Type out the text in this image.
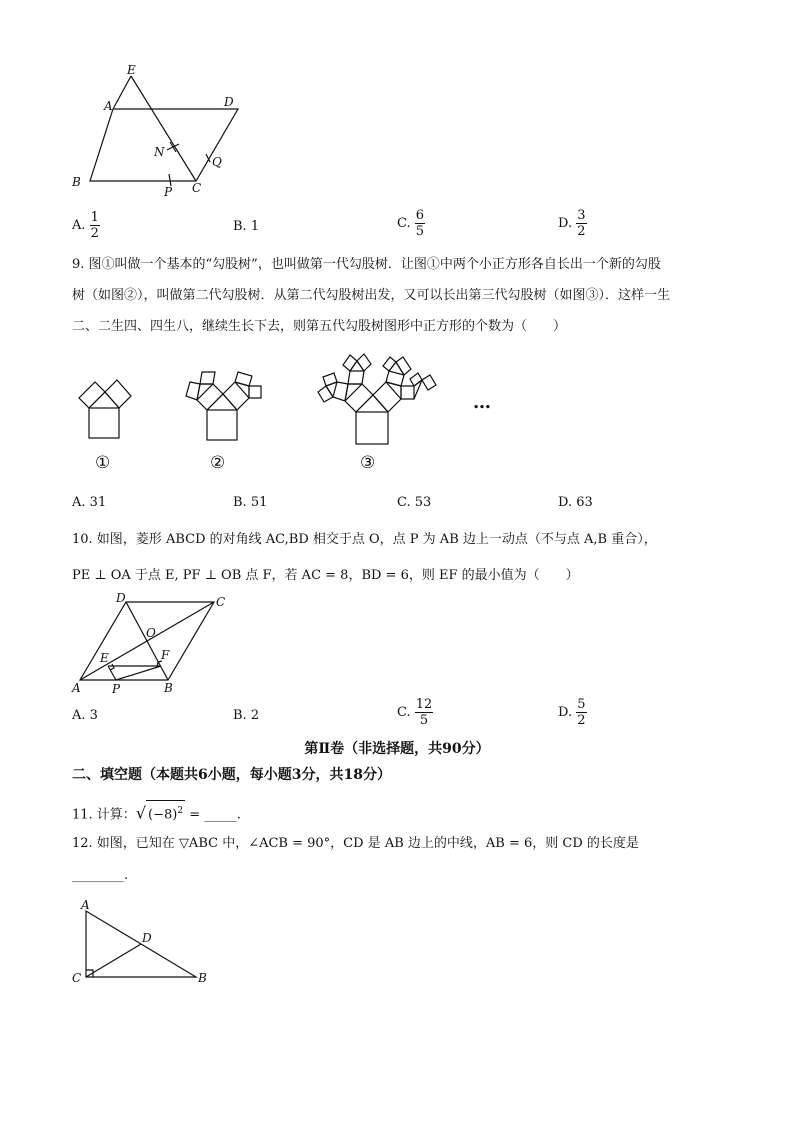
E
A	D
N
Q
B
P C
A. $\frac{1}{2}$	B. 1	C. $\frac{6}{5}$	D. $\frac{3}{2}$
9. 图①叫做一个基本的“勾股树”，也叫做第一代勾股树．让图①中两个小正方形各自长出一个新的勾股
树（如图②），叫做第二代勾股树．从第二代勾股树出发，又可以长出第三代勾股树（如图③）．这样一生
二、二生四、四生八，继续生长下去，则第五代勾股树图形中正方形的个数为（　　）
①	②	③
…
A. 31	B. 51	C. 53	D. 63
10. 如图，菱形 ABCD 的对角线 AC,BD 相交于点 O，点 P 为 AB 边上一动点（不与点 A,B 重合），
PE ⊥ OA 于点 E, PF ⊥ OB 点 F，若 AC = 8，BD = 6，则 EF 的最小值为（　　）
D	C
O
E	F
A	P	B
A. 3	B. 2	C. $\frac{12}{5}$	D. $\frac{5}{2}$
第Ⅱ卷（非选择题，共90分）
二、填空题（本题共6小题，每小题3分，共18分）
11. 计算：√ $(-8)^2$ = _____.
12. 如图，已知在 ▽ABC 中，∠ACB = 90°，CD 是 AB 边上的中线，AB = 6，则 CD 的长度是
________.
A
D
C	B
